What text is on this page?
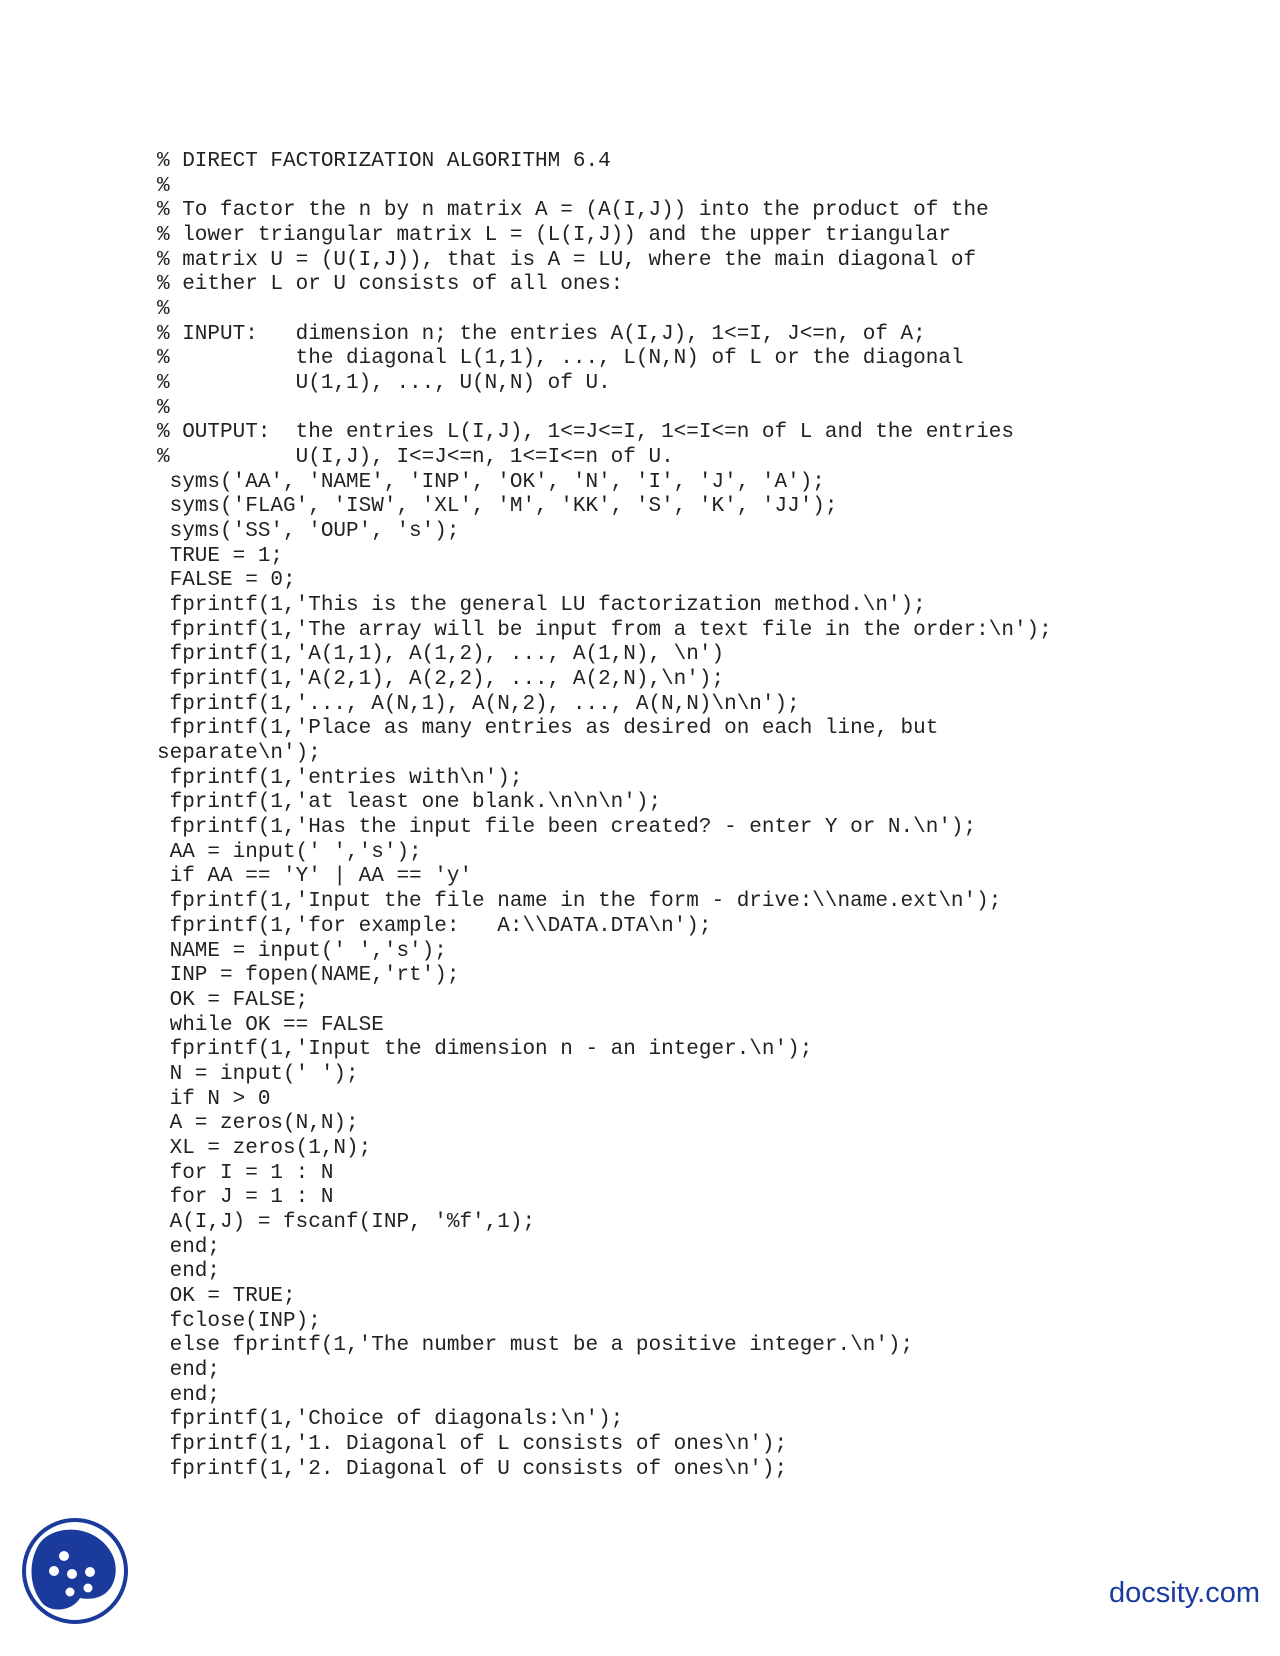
% DIRECT FACTORIZATION ALGORITHM 6.4
%
% To factor the n by n matrix A = (A(I,J)) into the product of the
% lower triangular matrix L = (L(I,J)) and the upper triangular
% matrix U = (U(I,J)), that is A = LU, where the main diagonal of
% either L or U consists of all ones:
%
% INPUT:   dimension n; the entries A(I,J), 1<=I, J<=n, of A;
%          the diagonal L(1,1), ..., L(N,N) of L or the diagonal
%          U(1,1), ..., U(N,N) of U.
%
% OUTPUT:  the entries L(I,J), 1<=J<=I, 1<=I<=n of L and the entries
%          U(I,J), I<=J<=n, 1<=I<=n of U.
syms('AA', 'NAME', 'INP', 'OK', 'N', 'I', 'J', 'A');
syms('FLAG', 'ISW', 'XL', 'M', 'KK', 'S', 'K', 'JJ');
syms('SS', 'OUP', 's');
TRUE = 1;
FALSE = 0;
fprintf(1,'This is the general LU factorization method.\n');
fprintf(1,'The array will be input from a text file in the order:\n');
fprintf(1,'A(1,1), A(1,2), ..., A(1,N), \n')
fprintf(1,'A(2,1), A(2,2), ..., A(2,N),\n');
fprintf(1,'..., A(N,1), A(N,2), ..., A(N,N)\n\n');
fprintf(1,'Place as many entries as desired on each line, but
separate\n');
fprintf(1,'entries with\n');
fprintf(1,'at least one blank.\n\n\n');
fprintf(1,'Has the input file been created? - enter Y or N.\n');
AA = input(' ','s');
if AA == 'Y' | AA == 'y'
fprintf(1,'Input the file name in the form - drive:\\name.ext\n');
fprintf(1,'for example:   A:\\DATA.DTA\n');
NAME = input(' ','s');
INP = fopen(NAME,'rt');
OK = FALSE;
while OK == FALSE
fprintf(1,'Input the dimension n - an integer.\n');
N = input(' ');
if N > 0
A = zeros(N,N);
XL = zeros(1,N);
for I = 1 : N
for J = 1 : N
A(I,J) = fscanf(INP, '%f',1);
end;
end;
OK = TRUE;
fclose(INP);
else fprintf(1,'The number must be a positive integer.\n');
end;
end;
fprintf(1,'Choice of diagonals:\n');
fprintf(1,'1. Diagonal of L consists of ones\n');
fprintf(1,'2. Diagonal of U consists of ones\n');
docsity.com
